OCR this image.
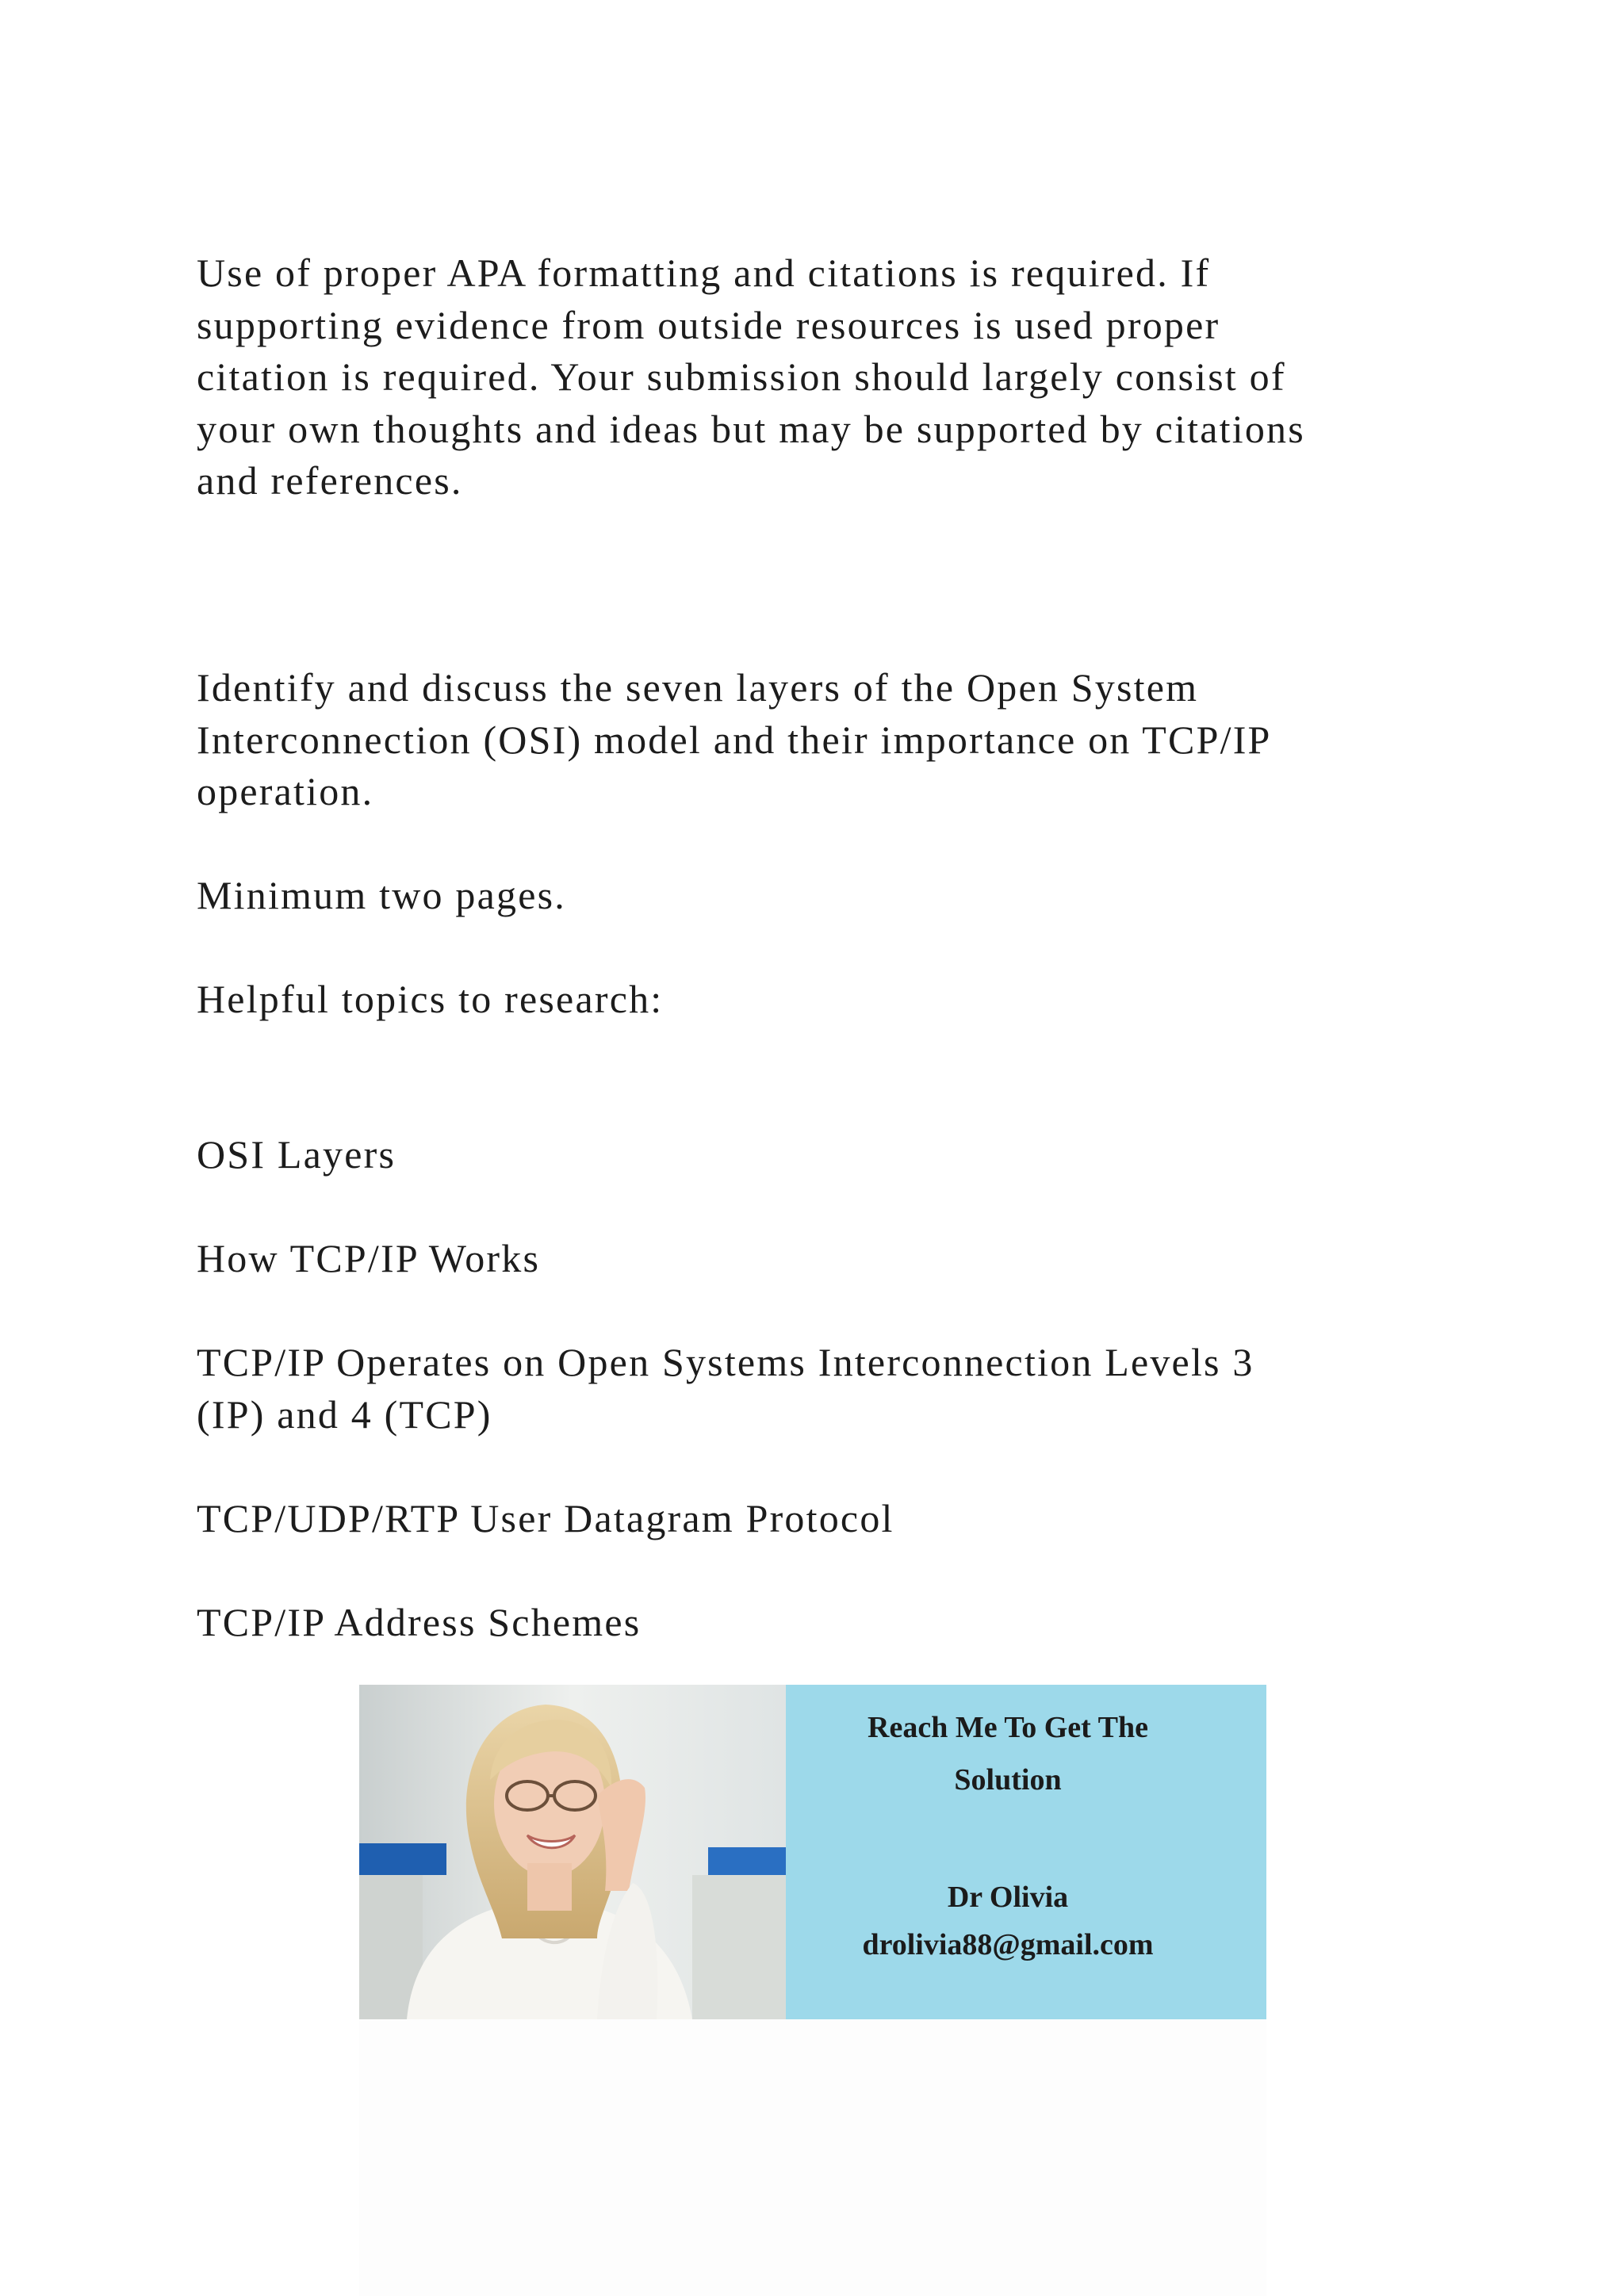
Use of proper APA formatting and citations is required. If
supporting evidence from outside resources is used proper
citation is required. Your submission should largely consist of
your own thoughts and ideas but may be supported by citations
and references.

Identify and discuss the seven layers of the Open System
Interconnection (OSI) model and their importance on TCP/IP
operation.

Minimum two pages.

Helpful topics to research:

OSI Layers

How TCP/IP Works

TCP/IP Operates on Open Systems Interconnection Levels 3
(IP) and 4 (TCP)

TCP/UDP/RTP User Datagram Protocol

TCP/IP Address Schemes

Reach Me To Get The
Solution
Dr Olivia
drolivia88@gmail.com
